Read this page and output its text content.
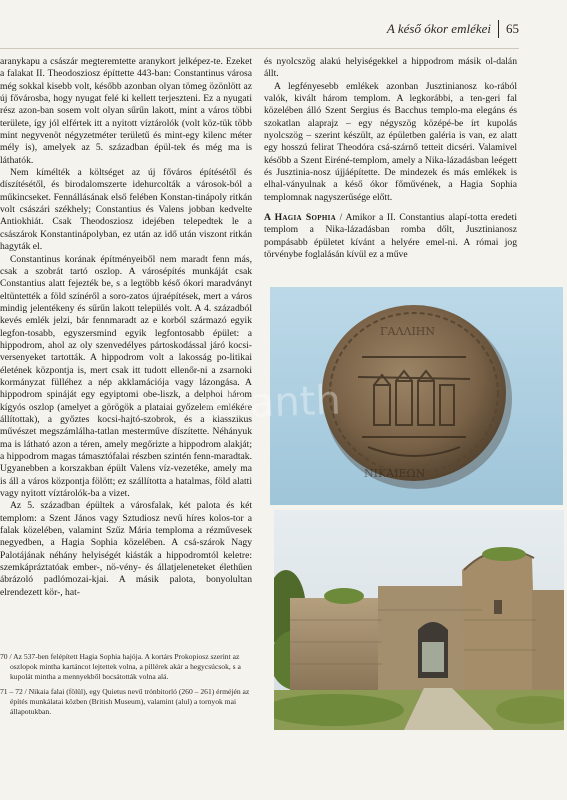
A késő ókor emlékei 65

aranykapu a császár megteremtette aranykort jelképez-te. Ezeket a falakat II. Theodosziosz építtette 443-ban: Constantinus városa még sokkal kisebb volt, később azonban olyan tömeg özönlött az új fővárosba, hogy nyugat felé ki kellett terjeszteni. Ez a nyugati rész azon-ban sosem volt olyan sűrűn lakott, mint a város többi területe, így jól elfértek itt a nyitott víztárolók (volt köz-tük több mint negyvenöt négyzetméter területű és mint-egy kilenc méter mély is), amelyek az 5. században épül-tek és még ma is láthatók.

Nem kímélték a költséget az új főváros építésétől és díszítésétől, és birodalomszerte idehurcolták a városok-ból a műkincseket. Fennállásának első felében Konstan-tinápoly ritkán volt császári székhely; Constantius és Valens jobban kedvelte Antiokhiát. Csak Theodosziosz idejében telepedtek le a császárok Konstantinápolyban, ez után az idő után viszont ritkán hagyták el.

Constantinus korának építményeiből nem maradt fenn más, csak a szobrát tartó oszlop. A városépítés munkáját csak Constantius alatt fejezték be, s a legtöbb késő ókori maradványt eltüntették a föld színéről a soro-zatos újraépítések, mert a város mindig jelentékeny és sűrűn lakott település volt. A 4. századból kevés emlék jelzi, bár fennmaradt az e korból származó egyik legfon-tosabb, egyszersmind egyik legfontosabb épület: a hippodrom, ahol az oly szenvedélyes pártoskodással járó kocsi-versenyeket tartották. A hippodrom volt a lakosság po-litikai életének központja is, mert csak itt tudott ellenőr-ni a zsarnoki kormányzat fülléhez a nép akklamációja vagy lázongása. A hippodrom spináját egy egyiptomi obe-liszk, a delphoi három kígyós oszlop (amelyet a görögök a plataiai győzelem emlékére állítottak), a győztes kocsi-hajtó-szobrok, és a klasszikus művészet megszámlálha-tatlan mesterműve díszítette. Néhányuk ma is látható azon a téren, amely megőrizte a hippodrom alakját; a hippodrom magas támasztófalai részben szintén fenn-maradtak. Ugyanebben a korszakban épült Valens víz-vezetéke, amely ma is áll a város központja fölött; ez szállította a hatalmas, föld alatti vagy nyitott víztárolók-ba a vizet.

Az 5. században épültek a városfalak, két palota és két templom: a Szent János vagy Sztudiosz nevű híres kolos-tor a falak közelében, valamint Szűz Mária temploma a rézművesek negyedben, a Hagia Sophia közelében. A csá-szárok Nagy Palotájának néhány helyiségét kiásták a hippodromtól keletre: szemkápráztatóak ember-, nö-vény- és állatjeleneteket élethűen ábrázoló padlómozai-kjai. A másik palota, bonyolultan elrendezett kör-, hat-

70 / Az 537-ben felépített Hagia Sophia hajója. A kortárs Prokopiosz szerint az oszlopok mintha kartáncot lejtettek volna, a pillérek akár a hegycsúcsok, s a kupolát mintha a mennyekből bocsátották volna alá.

71 – 72 / Nikaia falai (fölül), egy Quietus nevű trónbitorló (260 – 261) érméjén az építés munkálatai közben (British Museum), valamint (alul) a tornyok mai állapotukban.

és nyolcszög alakú helyiségekkel a hippodrom másik ol-dalán állt.

A legfényesebb emlékek azonban Jusztinianosz ko-rából valók, kivált három templom. A legkorábbi, a ten-geri fal közelében álló Szent Sergius és Bacchus templo-ma elegáns és szokatlan alaprajz – egy négyszög középé-be írt kupolás nyolcszög – szerint készült, az épületben galéria is van, ez alatt egy hosszú felirat Theodóra csá-szárnő tetteit dicséri. Valamivel később a Szent Eiréné-templom, amely a Nika-lázadásban leégett és Jusztinia-nosz újjáépítette. De mindezek és más emlékek is elhal-ványulnak a késő ókor főművének, a Hagia Sophia templomnak nagyszerűsége előtt.

A Hagia Sophia / Amikor a II. Constantius alapí-totta eredeti templom a Nika-lázadásban romba dőlt, Jusztinianosz pompásabb épületet kívánt a helyére emel-ni. A római jog törvénybe foglalásán kívül ez a műve

ΓΑΛΛΙΗΝ
ΝΙΚΑΙΕΩΝ
abanth
